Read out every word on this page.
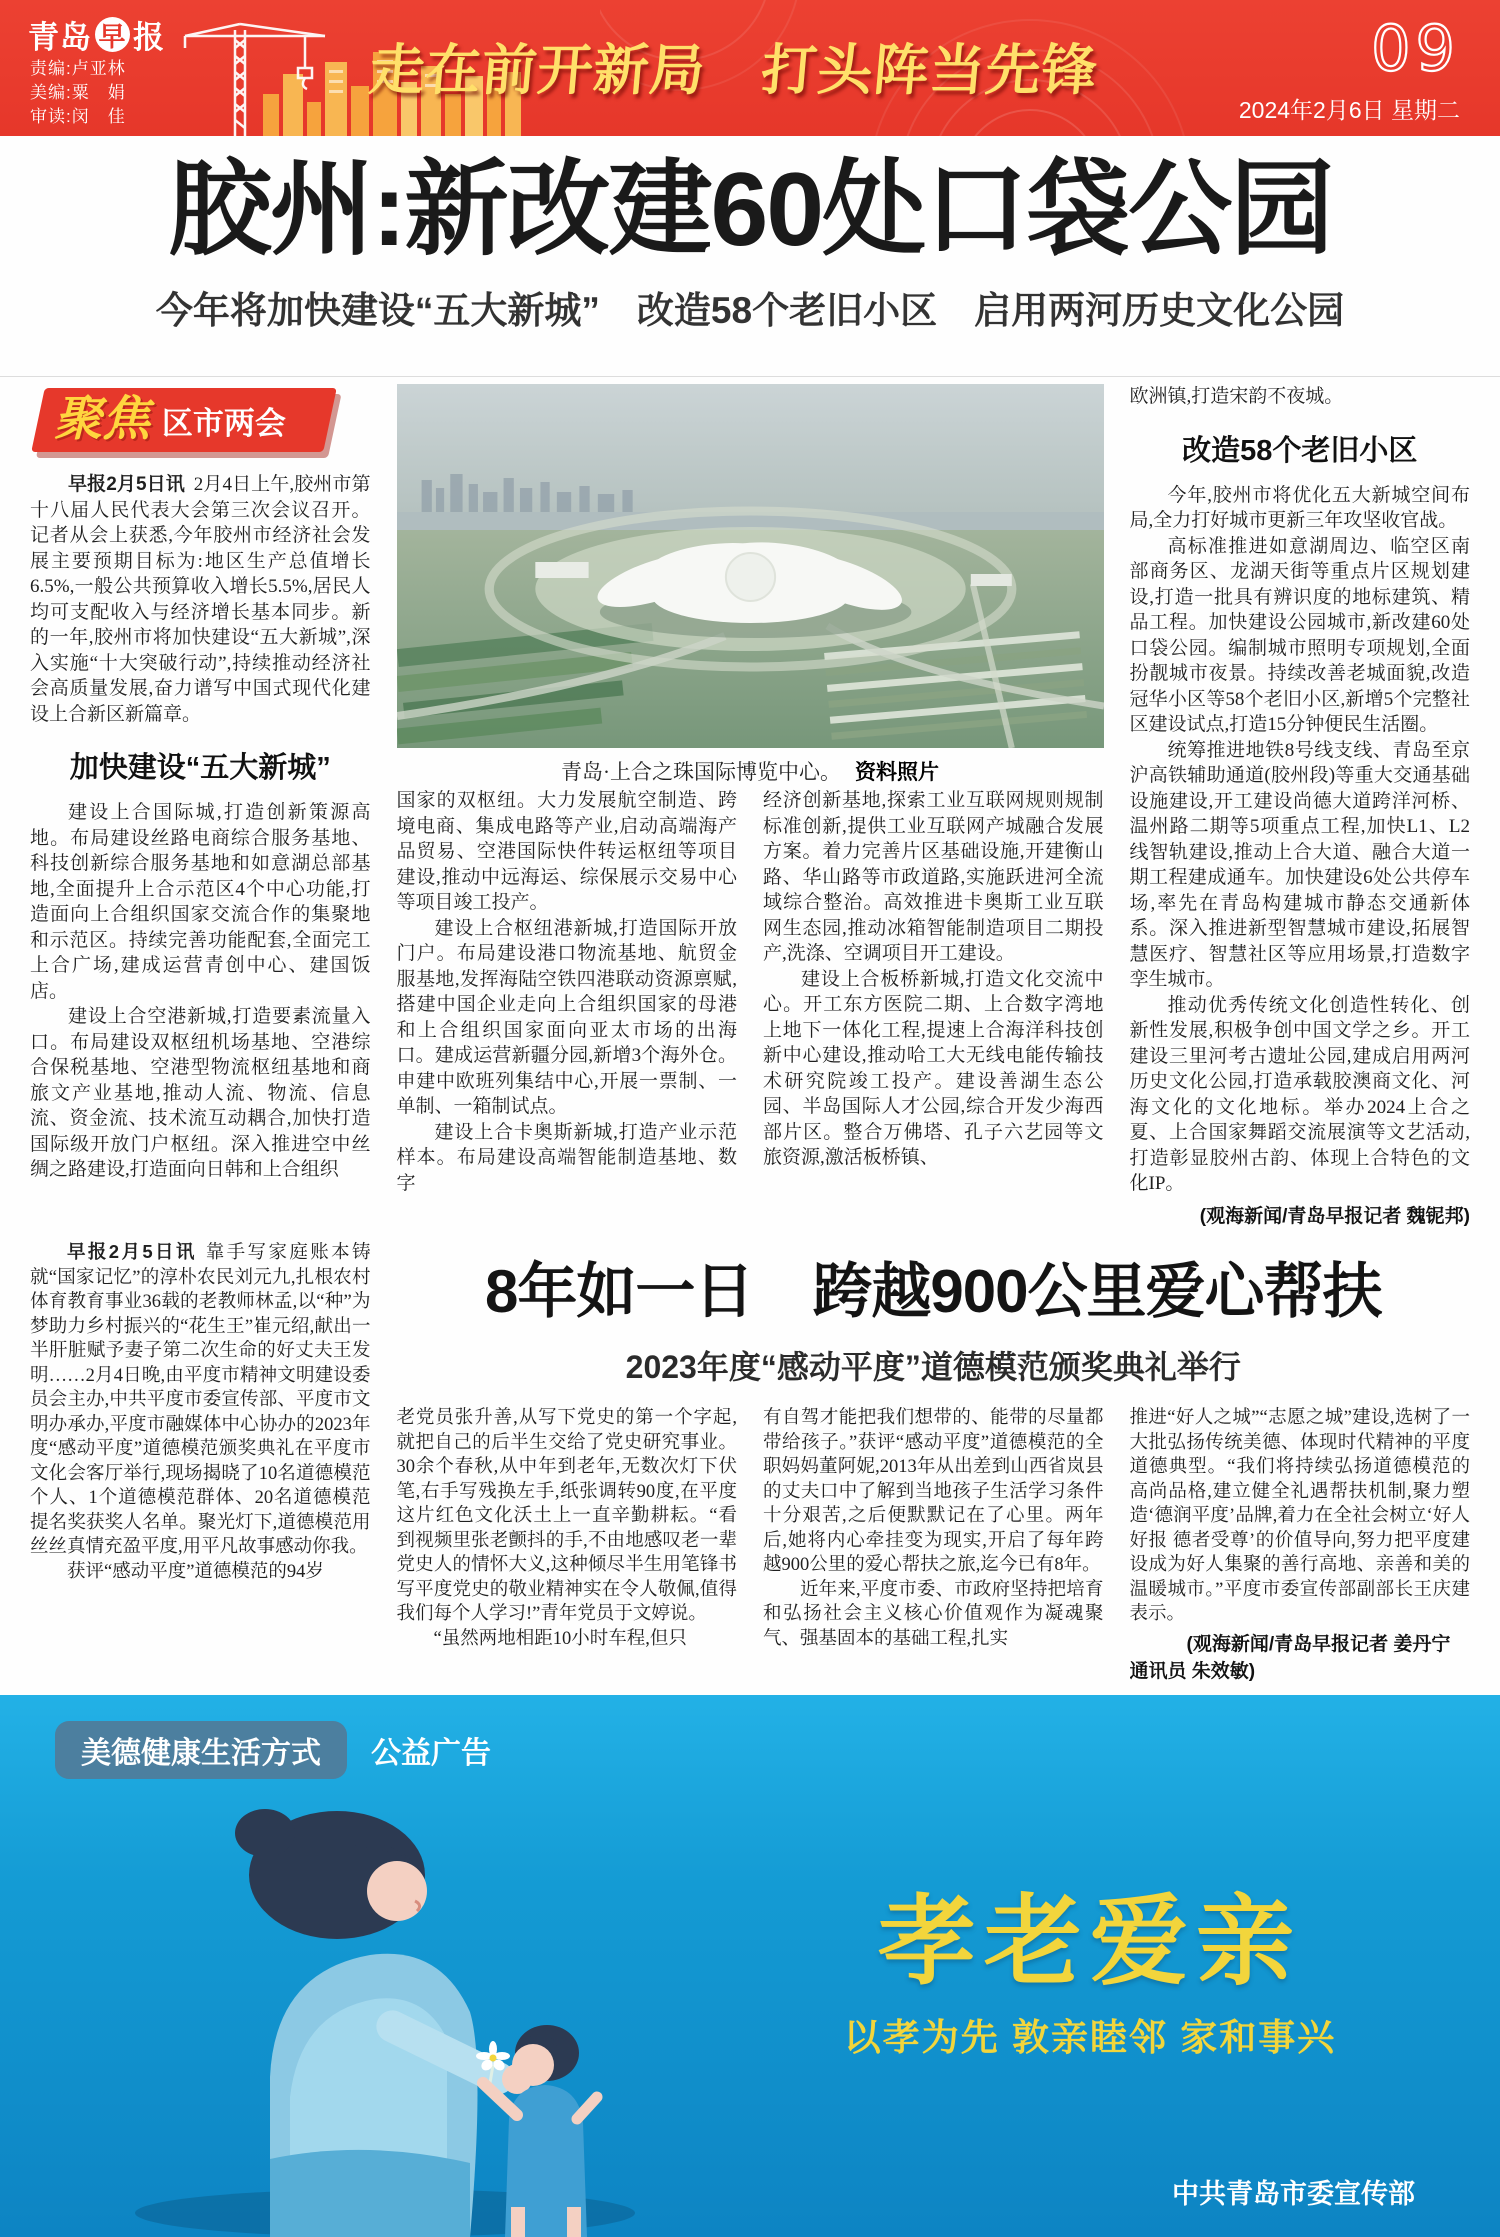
青岛 早 报
责编:卢亚林
美编:粟　娟
审读:闵　佳
走在前开新局　打头阵当先锋	09
2024年2月6日 星期二
胶州:新改建60处口袋公园
今年将加快建设“五大新城”　改造58个老旧小区　启用两河历史文化公园
聚焦 区市两会

早报2月5日讯 2月4日上午,胶州市第十八届人民代表大会第三次会议召开。记者从会上获悉,今年胶州市经济社会发展主要预期目标为:地区生产总值增长6.5%,一般公共预算收入增长5.5%,居民人均可支配收入与经济增长基本同步。新的一年,胶州市将加快建设“五大新城”,深入实施“十大突破行动”,持续推动经济社会高质量发展,奋力谱写中国式现代化建设上合新区新篇章。

加快建设“五大新城”

建设上合国际城,打造创新策源高地。布局建设丝路电商综合服务基地、科技创新综合服务基地和如意湖总部基地,全面提升上合示范区4个中心功能,打造面向上合组织国家交流合作的集聚地和示范区。持续完善功能配套,全面完工上合广场,建成运营青创中心、建国饭店。

建设上合空港新城,打造要素流量入口。布局建设双枢纽机场基地、空港综合保税基地、空港型物流枢纽基地和商旅文产业基地,推动人流、物流、信息流、资金流、技术流互动耦合,加快打造国际级开放门户枢纽。深入推进空中丝绸之路建设,打造面向日韩和上合组织

青岛·上合之珠国际博览中心。 资料照片

国家的双枢纽。大力发展航空制造、跨境电商、集成电路等产业,启动高端海产品贸易、空港国际快件转运枢纽等项目建设,推动中远海运、综保展示交易中心等项目竣工投产。

建设上合枢纽港新城,打造国际开放门户。布局建设港口物流基地、航贸金服基地,发挥海陆空铁四港联动资源禀赋,搭建中国企业走向上合组织国家的母港和上合组织国家面向亚太市场的出海口。建成运营新疆分园,新增3个海外仓。申建中欧班列集结中心,开展一票制、一单制、一箱制试点。

建设上合卡奥斯新城,打造产业示范样本。布局建设高端智能制造基地、数字

经济创新基地,探索工业互联网规则规制标准创新,提供工业互联网产城融合发展方案。着力完善片区基础设施,开建衡山路、华山路等市政道路,实施跃进河全流域综合整治。高效推进卡奥斯工业互联网生态园,推动冰箱智能制造项目二期投产,洗涤、空调项目开工建设。

建设上合板桥新城,打造文化交流中心。开工东方医院二期、上合数字湾地上地下一体化工程,提速上合海洋科技创新中心建设,推动哈工大无线电能传输技术研究院竣工投产。建设善湖生态公园、半岛国际人才公园,综合开发少海西部片区。整合万佛塔、孔子六艺园等文旅资源,激活板桥镇、

欧洲镇,打造宋韵不夜城。

改造58个老旧小区

今年,胶州市将优化五大新城空间布局,全力打好城市更新三年攻坚收官战。

高标准推进如意湖周边、临空区南部商务区、龙湖天街等重点片区规划建设,打造一批具有辨识度的地标建筑、精品工程。加快建设公园城市,新改建60处口袋公园。编制城市照明专项规划,全面扮靓城市夜景。持续改善老城面貌,改造冠华小区等58个老旧小区,新增5个完整社区建设试点,打造15分钟便民生活圈。

统筹推进地铁8号线支线、青岛至京沪高铁辅助通道(胶州段)等重大交通基础设施建设,开工建设尚德大道跨洋河桥、温州路二期等5项重点工程,加快L1、L2线智轨建设,推动上合大道、融合大道一期工程建成通车。加快建设6处公共停车场,率先在青岛构建城市静态交通新体系。深入推进新型智慧城市建设,拓展智慧医疗、智慧社区等应用场景,打造数字孪生城市。

推动优秀传统文化创造性转化、创新性发展,积极争创中国文学之乡。开工建设三里河考古遗址公园,建成启用两河历史文化公园,打造承载胶澳商文化、河海文化的文化地标。举办2024上合之夏、上合国家舞蹈交流展演等文艺活动,打造彰显胶州古韵、体现上合特色的文化IP。

(观海新闻/青岛早报记者 魏铌邦)

早报2月5日讯 靠手写家庭账本铸就“国家记忆”的淳朴农民刘元九,扎根农村体育教育事业36载的老教师林孟,以“种”为梦助力乡村振兴的“花生王”崔元绍,献出一半肝脏赋予妻子第二次生命的好丈夫王发明……2月4日晚,由平度市精神文明建设委员会主办,中共平度市委宣传部、平度市文明办承办,平度市融媒体中心协办的2023年度“感动平度”道德模范颁奖典礼在平度市文化会客厅举行,现场揭晓了10名道德模范个人、1个道德模范群体、20名道德模范提名奖获奖人名单。聚光灯下,道德模范用丝丝真情充盈平度,用平凡故事感动你我。

获评“感动平度”道德模范的94岁

8年如一日　跨越900公里爱心帮扶
2023年度“感动平度”道德模范颁奖典礼举行

老党员张升善,从写下党史的第一个字起,就把自己的后半生交给了党史研究事业。30余个春秋,从中年到老年,无数次灯下伏笔,右手写残换左手,纸张调转90度,在平度这片红色文化沃土上一直辛勤耕耘。“看到视频里张老颤抖的手,不由地感叹老一辈党史人的情怀大义,这种倾尽半生用笔锋书写平度党史的敬业精神实在令人敬佩,值得我们每个人学习!”青年党员于文婷说。

“虽然两地相距10小时车程,但只

有自驾才能把我们想带的、能带的尽量都带给孩子。”获评“感动平度”道德模范的全职妈妈董阿妮,2013年从出差到山西省岚县的丈夫口中了解到当地孩子生活学习条件十分艰苦,之后便默默记在了心里。两年后,她将内心牵挂变为现实,开启了每年跨越900公里的爱心帮扶之旅,迄今已有8年。

近年来,平度市委、市政府坚持把培育和弘扬社会主义核心价值观作为凝魂聚气、强基固本的基础工程,扎实

推进“好人之城”“志愿之城”建设,选树了一大批弘扬传统美德、体现时代精神的平度道德典型。“我们将持续弘扬道德模范的高尚品格,建立健全礼遇帮扶机制,聚力塑造‘德润平度’品牌,着力在全社会树立‘好人好报 德者受尊’的价值导向,努力把平度建设成为好人集聚的善行高地、亲善和美的温暖城市。”平度市委宣传部副部长王庆建表示。

(观海新闻/青岛早报记者 姜丹宁　通讯员 朱效敏)

美德健康生活方式	公益广告
孝老爱亲
以孝为先 敦亲睦邻 家和事兴
中共青岛市委宣传部
